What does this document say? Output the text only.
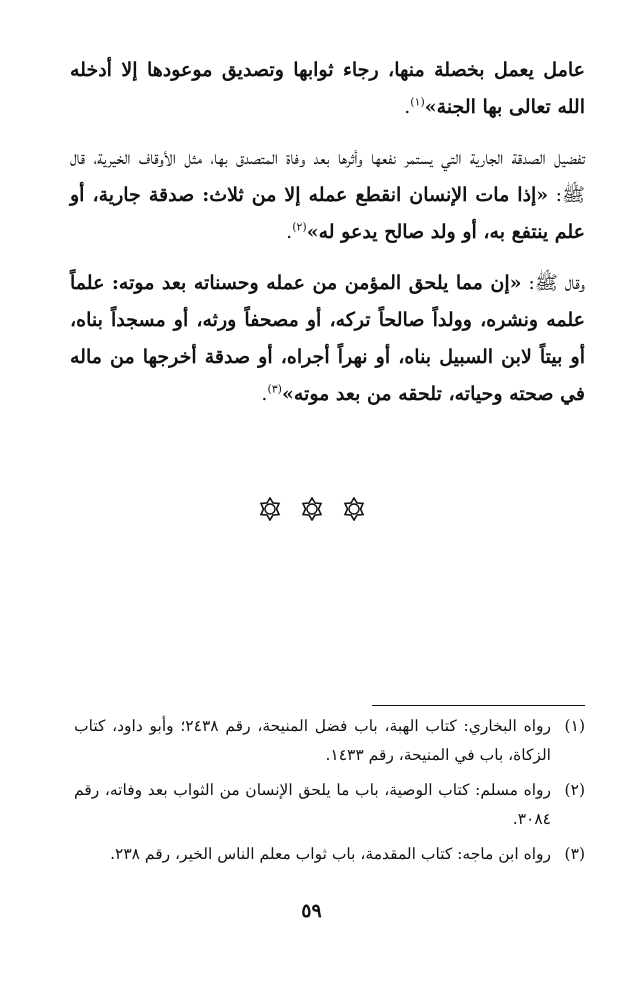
عامل يعمل بخصلة منها، رجاء ثوابها وتصديق موعودها إلا أدخله الله تعالى بها الجنة»$^{(١)}$.

تفضيل الصدقة الجارية التي يستمر نفعها وأثرها بعد وفاة المتصدق بها، مثل الأوقاف الخيرية، قال ﷺ: «إذا مات الإنسان انقطع عمله إلا من ثلاث: صدقة جارية، أو علم ينتفع به، أو ولد صالح يدعو له»$^{(٢)}$.

وقال ﷺ: «إن مما يلحق المؤمن من عمله وحسناته بعد موته: علماً علمه ونشره، وولداً صالحاً تركه، أو مصحفاً ورثه، أو مسجداً بناه، أو بيتاً لابن السبيل بناه، أو نهراً أجراه، أو صدقة أخرجها من ماله في صحته وحياته، تلحقه من بعد موته»$^{(٣)}$.

(١)
رواه البخاري: كتاب الهبة، باب فضل المنيحة، رقم ٢٤٣٨؛ وأبو داود، كتاب الزكاة، باب في المنيحة، رقم ١٤٣٣.
(٢)
رواه مسلم: كتاب الوصية، باب ما يلحق الإنسان من الثواب بعد وفاته، رقم ٣٠٨٤.
(٣)
رواه ابن ماجه: كتاب المقدمة، باب ثواب معلم الناس الخير، رقم ٢٣٨.
٥٩
